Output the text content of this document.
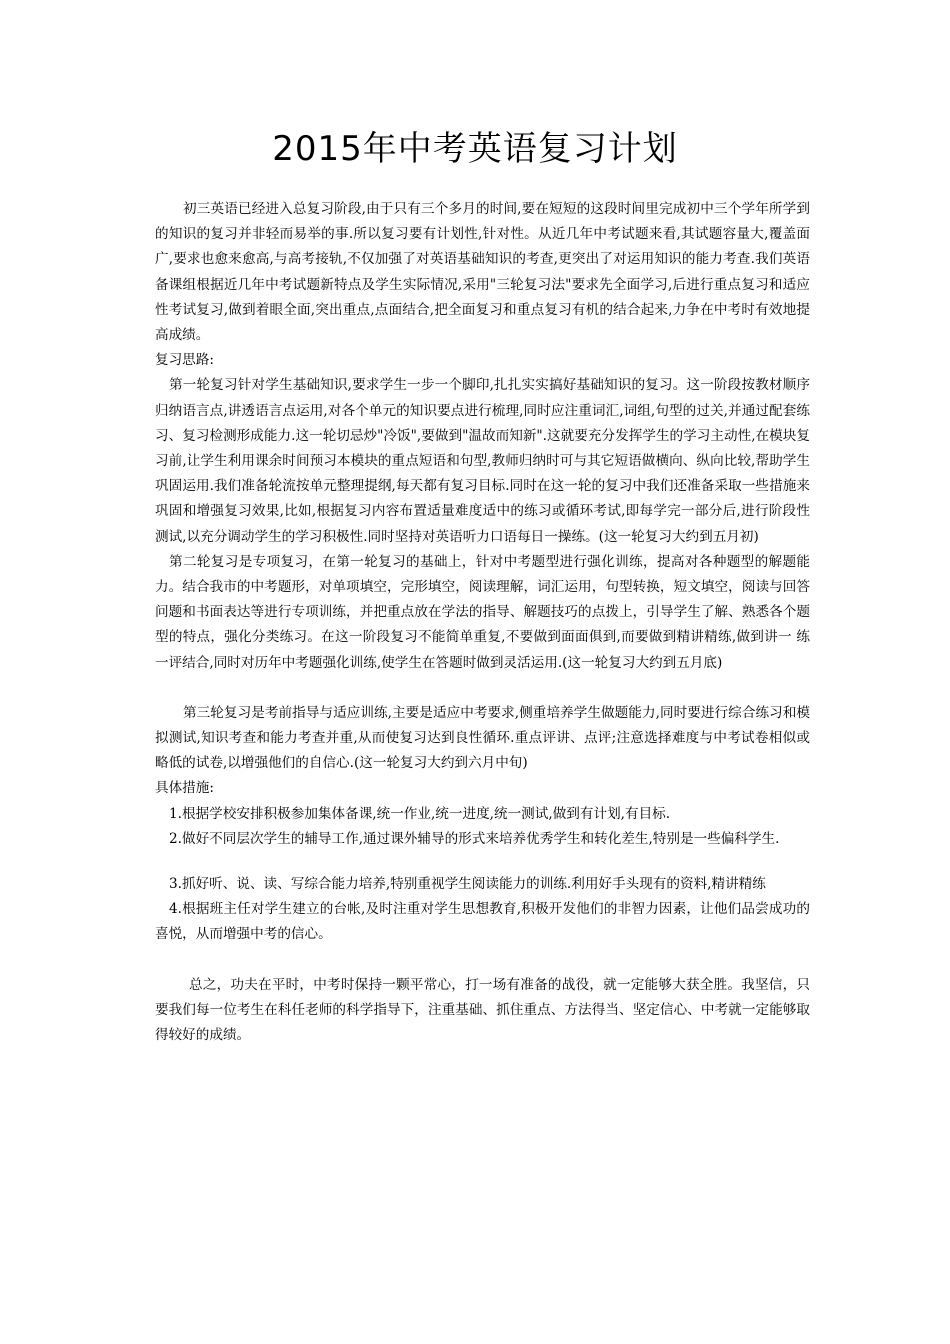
2015年中考英语复习计划

初三英语已经进入总复习阶段,由于只有三个多月的时间,要在短短的这段时间里完成初中三个学年所学到的知识的复习并非轻而易举的事.所以复习要有计划性,针对性。从近几年中考试题来看,其试题容量大,覆盖面广,要求也愈来愈高,与高考接轨,不仅加强了对英语基础知识的考查,更突出了对运用知识的能力考查.我们英语备课组根据近几年中考试题新特点及学生实际情况,采用"三轮复习法"要求先全面学习,后进行重点复习和适应性考试复习,做到着眼全面,突出重点,点面结合,把全面复习和重点复习有机的结合起来,力争在中考时有效地提高成绩。

复习思路:

第一轮复习针对学生基础知识,要求学生一步一个脚印,扎扎实实搞好基础知识的复习。这一阶段按教材顺序归纳语言点,讲透语言点运用,对各个单元的知识要点进行梳理,同时应注重词汇,词组,句型的过关,并通过配套练习、复习检测形成能力.这一轮切忌炒"冷饭",要做到"温故而知新".这就要充分发挥学生的学习主动性,在模块复习前,让学生利用课余时间预习本模块的重点短语和句型,教师归纳时可与其它短语做横向、纵向比较,帮助学生巩固运用.我们准备轮流按单元整理提纲,每天都有复习目标.同时在这一轮的复习中我们还准备采取一些措施来巩固和增强复习效果,比如,根据复习内容布置适量难度适中的练习或循环考试,即每学完一部分后,进行阶段性测试,以充分调动学生的学习积极性.同时坚持对英语听力口语每日一操练。(这一轮复习大约到五月初)

第二轮复习是专项复习，在第一轮复习的基础上，针对中考题型进行强化训练，提高对各种题型的解题能力。结合我市的中考题形，对单项填空，完形填空，阅读理解，词汇运用，句型转换，短文填空，阅读与回答问题和书面表达等进行专项训练，并把重点放在学法的指导、解题技巧的点拨上，引导学生了解、熟悉各个题型的特点，强化分类练习。在这一阶段复习不能简单重复,不要做到面面俱到,而要做到精讲精练,做到讲一 练一评结合,同时对历年中考题强化训练,使学生在答题时做到灵活运用.(这一轮复习大约到五月底)

第三轮复习是考前指导与适应训练,主要是适应中考要求,侧重培养学生做题能力,同时要进行综合练习和模拟测试,知识考查和能力考查并重,从而使复习达到良性循环.重点评讲、点评;注意选择难度与中考试卷相似或略低的试卷,以增强他们的自信心.(这一轮复习大约到六月中旬)

具体措施:

1.根据学校安排积极参加集体备课,统一作业,统一进度,统一测试,做到有计划,有目标.

2.做好不同层次学生的辅导工作,通过课外辅导的形式来培养优秀学生和转化差生,特别是一些偏科学生.

3.抓好听、说、读、写综合能力培养,特别重视学生阅读能力的训练.利用好手头现有的资料,精讲精练

4.根据班主任对学生建立的台帐,及时注重对学生思想教育,积极开发他们的非智力因素，让他们品尝成功的喜悦，从而增强中考的信心。

总之，功夫在平时，中考时保持一颗平常心，打一场有准备的战役，就一定能够大获全胜。我坚信，只要我们每一位考生在科任老师的科学指导下，注重基础、抓住重点、方法得当、坚定信心、中考就一定能够取得较好的成绩。
